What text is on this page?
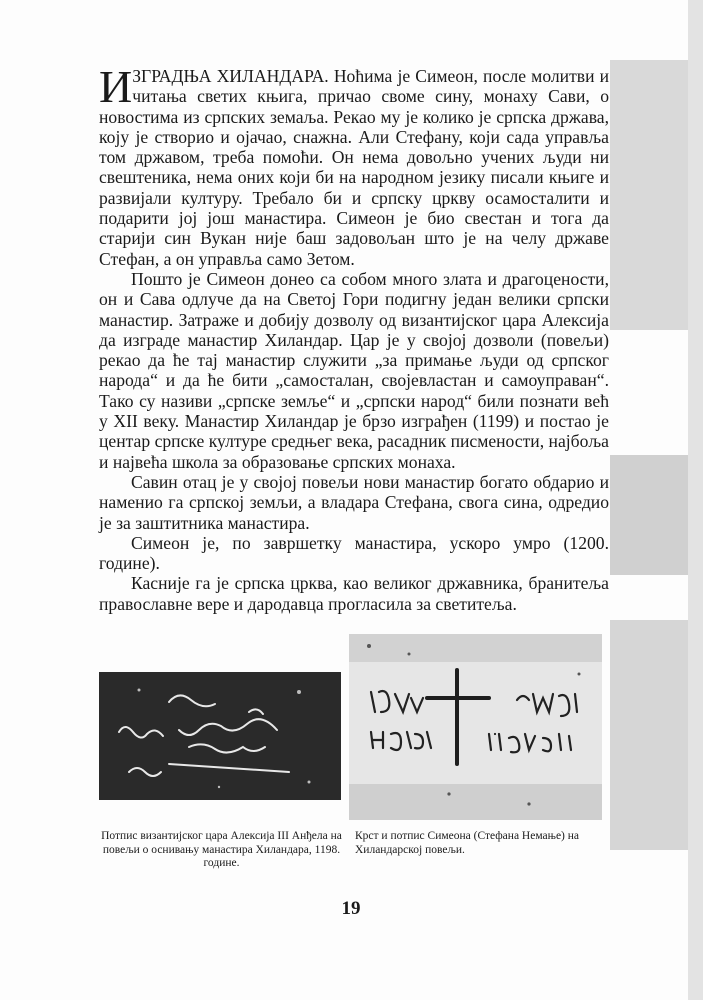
И ЗГРАДЊА ХИЛАНДАРА. Ноћима је Симеон, после молитви и читања светих књига, причао своме сину, монаху Сави, о новостима из српских земаља. Рекао му је колико је српска држава, коју је створио и ојачао, снажна. Али Стефану, који сада управља том државом, треба помоћи. Он нема довољно учених људи ни свештеника, нема оних који би на народном језику писали књиге и развијали културу. Требало би и српску цркву осамосталити и подарити јој још манастира. Симеон је био свестан и тога да старији син Вукан није баш задовољан што је на челу државе Стефан, а он управља само Зетом.

Пошто је Симеон донео са собом много злата и драгоцености, он и Сава одлуче да на Светој Гори подигну један велики српски манастир. Затраже и добију дозволу од византијског цара Алексија да изграде манастир Хиландар. Цар је у својој дозволи (повељи) рекао да ће тај манастир служити „за примање људи од српског народа“ и да ће бити „самосталан, својевластан и самоуправан“. Тако су називи „српске земље“ и „српски народ“ били познати већ у XII веку. Манастир Хиландар је брзо изграђен (1199) и постао је центар српске културе средњег века, расадник писмености, најбоља и највећа школа за образовање српских монаха.

Савин отац је у својој повељи нови манастир богато обдарио и наменио га српској земљи, а владара Стефана, свога сина, одредио је за заштитника манастира.

Симеон је, по завршетку манастира, ускоро умро (1200. године).

Касније га је српска црква, као великог државника, бранитеља православне вере и дародавца прогласила за светитеља.

Потпис византијског цара Алексија III Анђела на повељи о оснивању манастира Хиландара, 1198. године.
Крст и потпис Симеона (Стефана Немање) на Хиландарској повељи.
19
